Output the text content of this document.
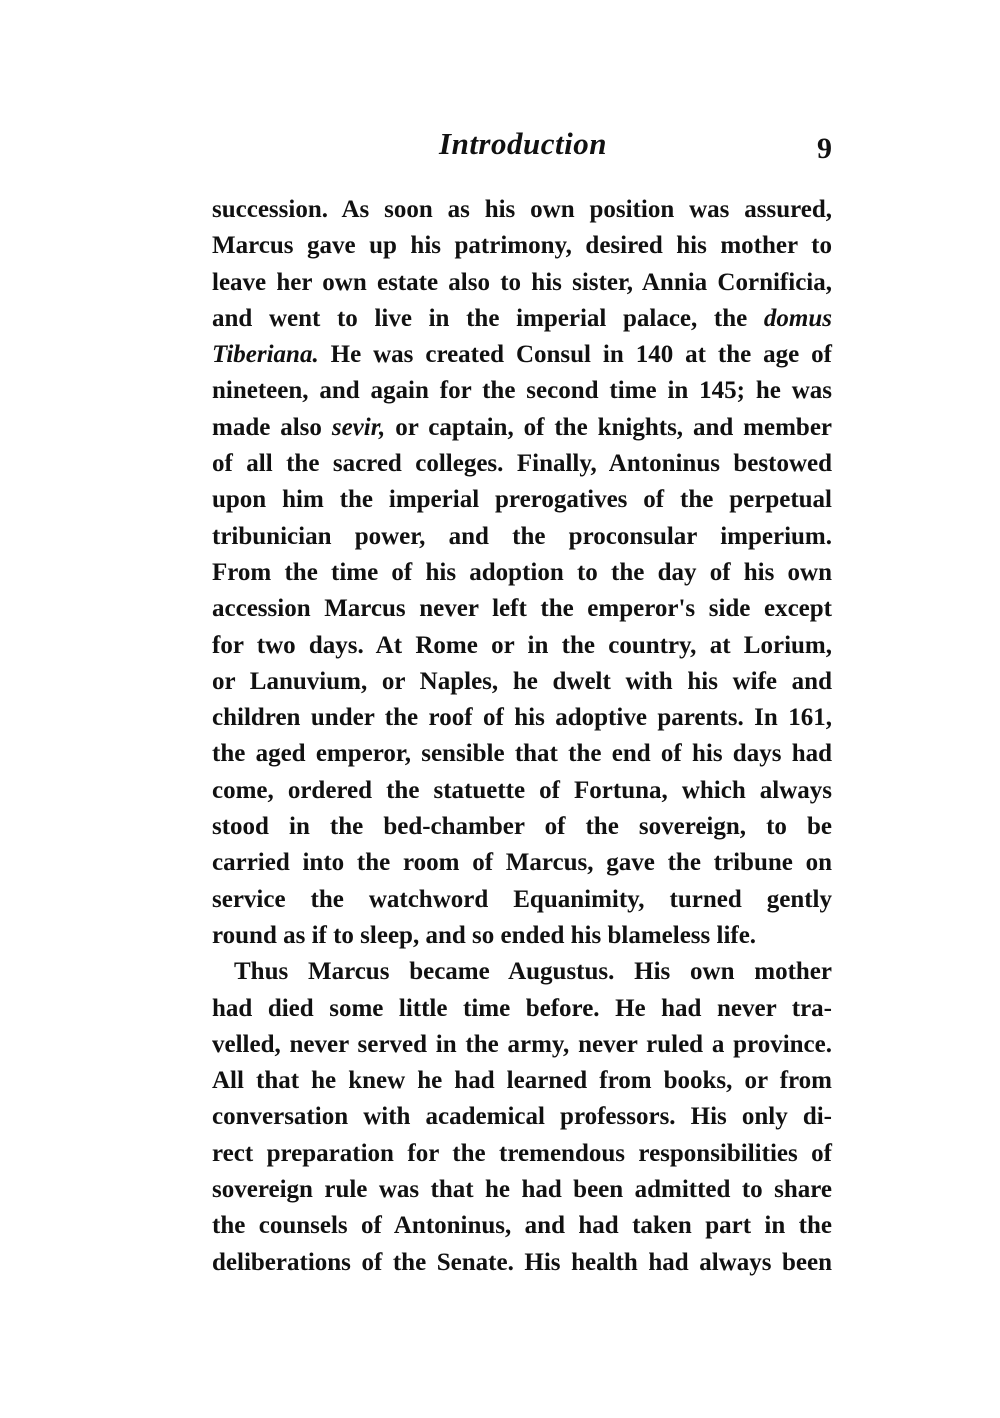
Introduction	9
succession. As soon as his own position was assured,
Marcus gave up his patrimony, desired his mother to
leave her own estate also to his sister, Annia Cornificia,
and went to live in the imperial palace, the domus
Tiberiana. He was created Consul in 140 at the age of
nineteen, and again for the second time in 145; he was
made also sevir, or captain, of the knights, and member
of all the sacred colleges. Finally, Antoninus bestowed
upon him the imperial prerogatives of the perpetual
tribunician power, and the proconsular imperium.
From the time of his adoption to the day of his own
accession Marcus never left the emperor's side except
for two days. At Rome or in the country, at Lorium,
or Lanuvium, or Naples, he dwelt with his wife and
children under the roof of his adoptive parents. In 161,
the aged emperor, sensible that the end of his days had
come, ordered the statuette of Fortuna, which always
stood in the bed-chamber of the sovereign, to be
carried into the room of Marcus, gave the tribune on
service the watchword Equanimity, turned gently
round as if to sleep, and so ended his blameless life.
Thus Marcus became Augustus. His own mother
had died some little time before. He had never tra-
velled, never served in the army, never ruled a province.
All that he knew he had learned from books, or from
conversation with academical professors. His only di-
rect preparation for the tremendous responsibilities of
sovereign rule was that he had been admitted to share
the counsels of Antoninus, and had taken part in the
deliberations of the Senate. His health had always been
